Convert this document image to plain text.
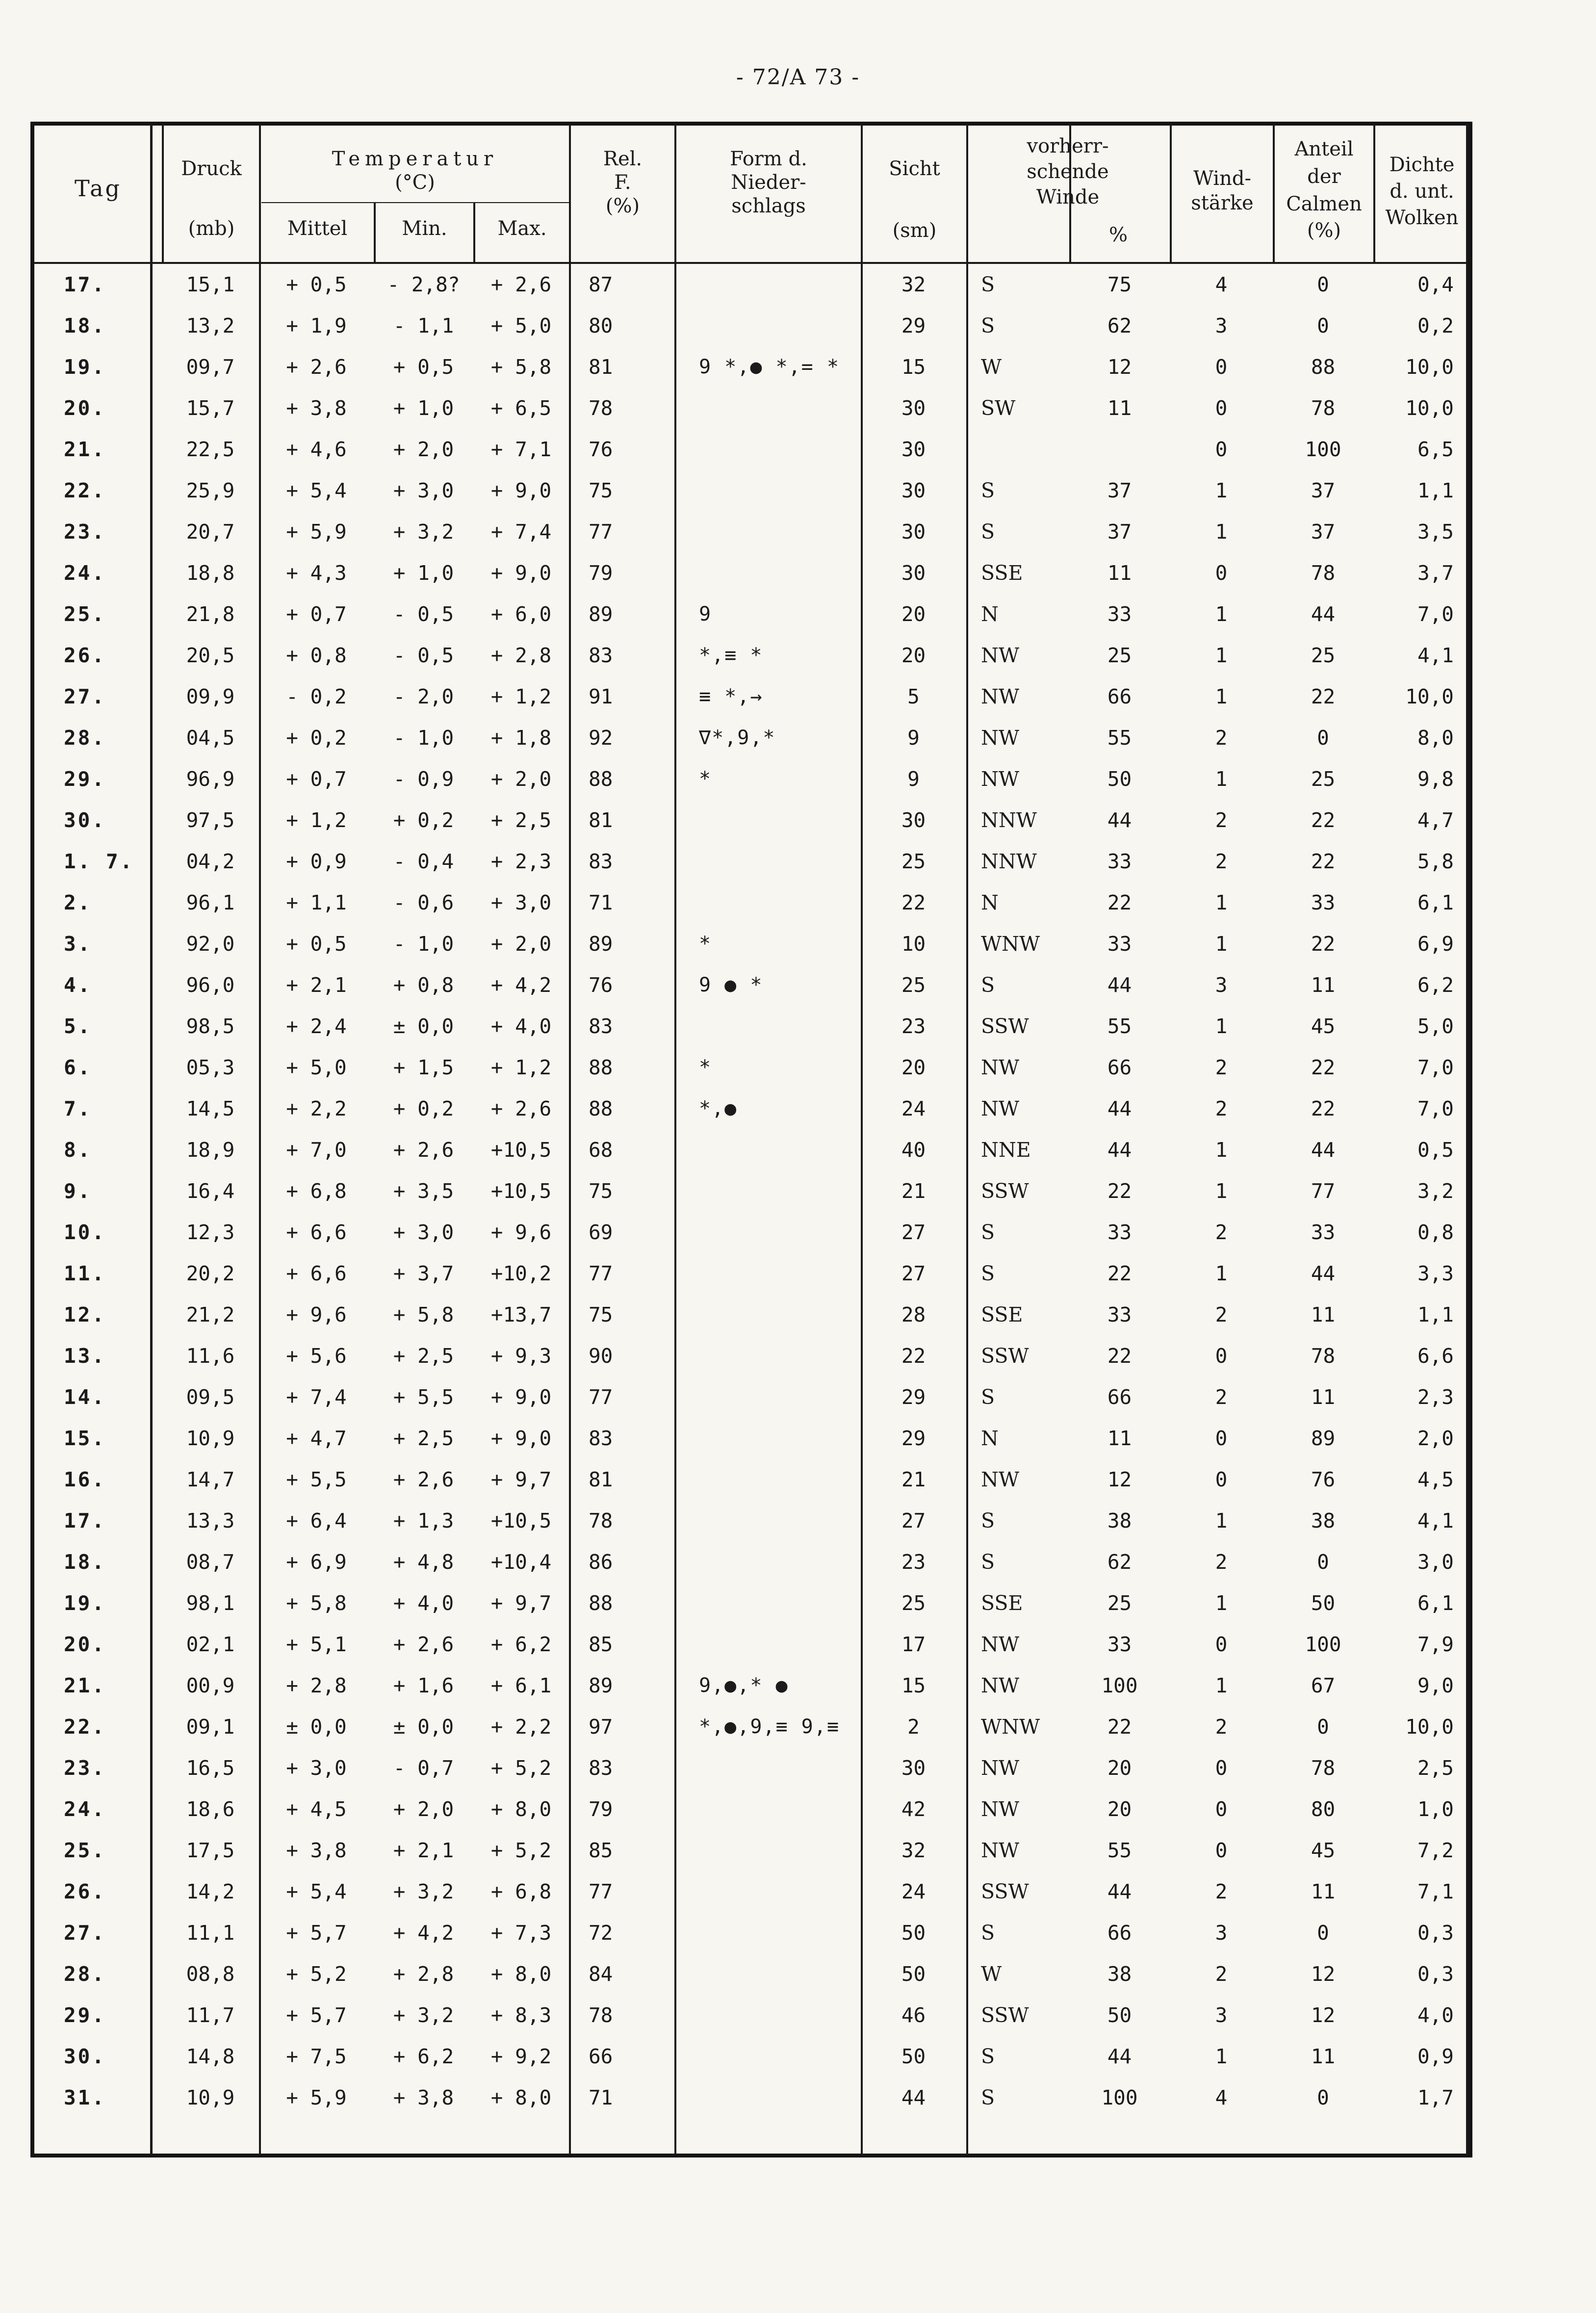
- 72/A 73 -
Tag
Druck
(mb)
Temperatur
(°C)
Mittel	Min.	Max.
Rel.
F.
(%)
Form d.
Nieder-
schlags
Sicht
(sm)
vorherr-
schende
Winde
%
Wind-
stärke
Anteil
der
Calmen
(%)
Dichte
d. unt.
Wolken
17.	15,1	+ 0,5	- 2,8?	+ 2,6	87		32	S	75	4	0	0,4
18.	13,2	+ 1,9	- 1,1	+ 5,0	80		29	S	62	3	0	0,2
19.	09,7	+ 2,6	+ 0,5	+ 5,8	81	9 *,● *,= *	15	W	12	0	88	10,0
20.	15,7	+ 3,8	+ 1,0	+ 6,5	78		30	SW	11	0	78	10,0
21.	22,5	+ 4,6	+ 2,0	+ 7,1	76		30			0	100	6,5
22.	25,9	+ 5,4	+ 3,0	+ 9,0	75		30	S	37	1	37	1,1
23.	20,7	+ 5,9	+ 3,2	+ 7,4	77		30	S	37	1	37	3,5
24.	18,8	+ 4,3	+ 1,0	+ 9,0	79		30	SSE	11	0	78	3,7
25.	21,8	+ 0,7	- 0,5	+ 6,0	89	9	20	N	33	1	44	7,0
26.	20,5	+ 0,8	- 0,5	+ 2,8	83	*,≡ *	20	NW	25	1	25	4,1
27.	09,9	- 0,2	- 2,0	+ 1,2	91	≡ *,→	5	NW	66	1	22	10,0
28.	04,5	+ 0,2	- 1,0	+ 1,8	92	∇*,9,*	9	NW	55	2	0	8,0
29.	96,9	+ 0,7	- 0,9	+ 2,0	88	*	9	NW	50	1	25	9,8
30.	97,5	+ 1,2	+ 0,2	+ 2,5	81		30	NNW	44	2	22	4,7
1. 7.	04,2	+ 0,9	- 0,4	+ 2,3	83		25	NNW	33	2	22	5,8
2.	96,1	+ 1,1	- 0,6	+ 3,0	71		22	N	22	1	33	6,1
3.	92,0	+ 0,5	- 1,0	+ 2,0	89	*	10	WNW	33	1	22	6,9
4.	96,0	+ 2,1	+ 0,8	+ 4,2	76	9 ● *	25	S	44	3	11	6,2
5.	98,5	+ 2,4	± 0,0	+ 4,0	83		23	SSW	55	1	45	5,0
6.	05,3	+ 5,0	+ 1,5	+ 1,2	88	*	20	NW	66	2	22	7,0
7.	14,5	+ 2,2	+ 0,2	+ 2,6	88	*,●	24	NW	44	2	22	7,0
8.	18,9	+ 7,0	+ 2,6	+10,5	68		40	NNE	44	1	44	0,5
9.	16,4	+ 6,8	+ 3,5	+10,5	75		21	SSW	22	1	77	3,2
10.	12,3	+ 6,6	+ 3,0	+ 9,6	69		27	S	33	2	33	0,8
11.	20,2	+ 6,6	+ 3,7	+10,2	77		27	S	22	1	44	3,3
12.	21,2	+ 9,6	+ 5,8	+13,7	75		28	SSE	33	2	11	1,1
13.	11,6	+ 5,6	+ 2,5	+ 9,3	90		22	SSW	22	0	78	6,6
14.	09,5	+ 7,4	+ 5,5	+ 9,0	77		29	S	66	2	11	2,3
15.	10,9	+ 4,7	+ 2,5	+ 9,0	83		29	N	11	0	89	2,0
16.	14,7	+ 5,5	+ 2,6	+ 9,7	81		21	NW	12	0	76	4,5
17.	13,3	+ 6,4	+ 1,3	+10,5	78		27	S	38	1	38	4,1
18.	08,7	+ 6,9	+ 4,8	+10,4	86		23	S	62	2	0	3,0
19.	98,1	+ 5,8	+ 4,0	+ 9,7	88		25	SSE	25	1	50	6,1
20.	02,1	+ 5,1	+ 2,6	+ 6,2	85		17	NW	33	0	100	7,9
21.	00,9	+ 2,8	+ 1,6	+ 6,1	89	9,●,* ●	15	NW	100	1	67	9,0
22.	09,1	± 0,0	± 0,0	+ 2,2	97	*,●,9,≡ 9,≡	2	WNW	22	2	0	10,0
23.	16,5	+ 3,0	- 0,7	+ 5,2	83		30	NW	20	0	78	2,5
24.	18,6	+ 4,5	+ 2,0	+ 8,0	79		42	NW	20	0	80	1,0
25.	17,5	+ 3,8	+ 2,1	+ 5,2	85		32	NW	55	0	45	7,2
26.	14,2	+ 5,4	+ 3,2	+ 6,8	77		24	SSW	44	2	11	7,1
27.	11,1	+ 5,7	+ 4,2	+ 7,3	72		50	S	66	3	0	0,3
28.	08,8	+ 5,2	+ 2,8	+ 8,0	84		50	W	38	2	12	0,3
29.	11,7	+ 5,7	+ 3,2	+ 8,3	78		46	SSW	50	3	12	4,0
30.	14,8	+ 7,5	+ 6,2	+ 9,2	66		50	S	44	1	11	0,9
31.	10,9	+ 5,9	+ 3,8	+ 8,0	71		44	S	100	4	0	1,7
